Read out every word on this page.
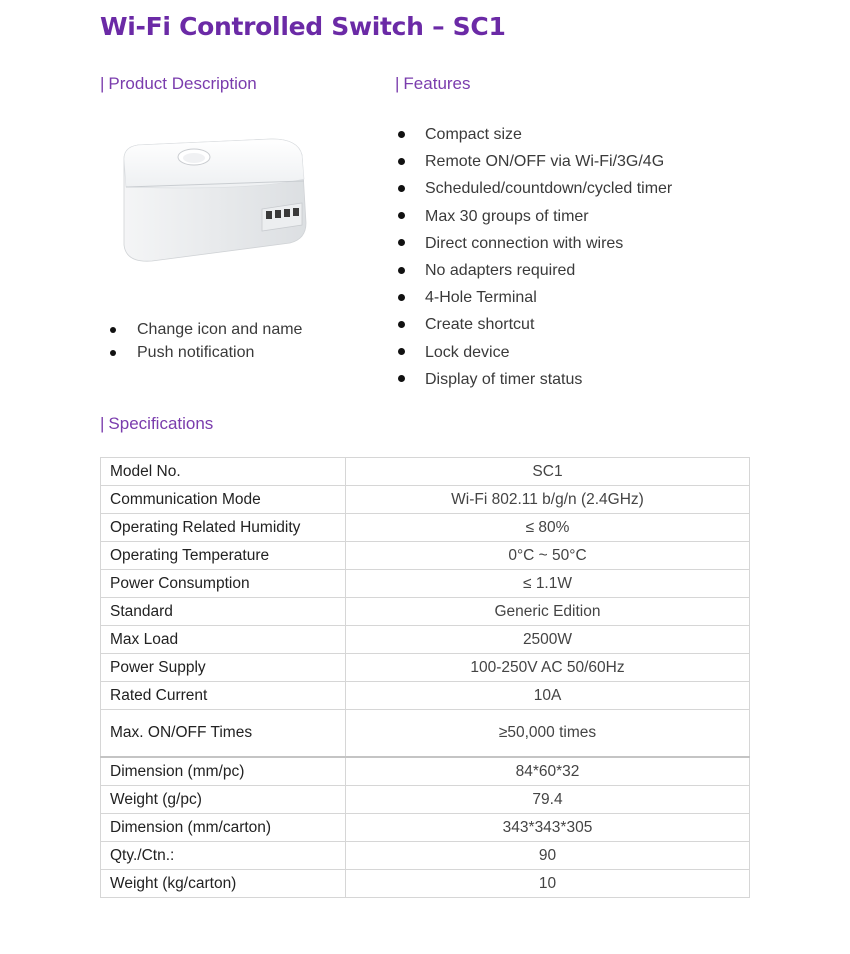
Wi-Fi Controlled Switch – SC1
| Product Description	| Features
| Specifications
Change icon and name
Push notification
Compact size
Remote ON/OFF via Wi-Fi/3G/4G
Scheduled/countdown/cycled timer
Max 30 groups of timer
Direct connection with wires
No adapters required
4-Hole Terminal
Create shortcut
Lock device
Display of timer status
Model No.	SC1
Communication Mode	Wi-Fi 802.11 b/g/n (2.4GHz)
Operating Related Humidity	≤ 80%
Operating Temperature	0°C ~ 50°C
Power Consumption	≤ 1.1W
Standard	Generic Edition
Max Load	2500W
Power Supply	100-250V AC 50/60Hz
Rated Current	10A
Max. ON/OFF Times	≥50,000 times
Dimension (mm/pc)	84*60*32
Weight (g/pc)	79.4
Dimension (mm/carton)	343*343*305
Qty./Ctn.:	90
Weight (kg/carton)	10
